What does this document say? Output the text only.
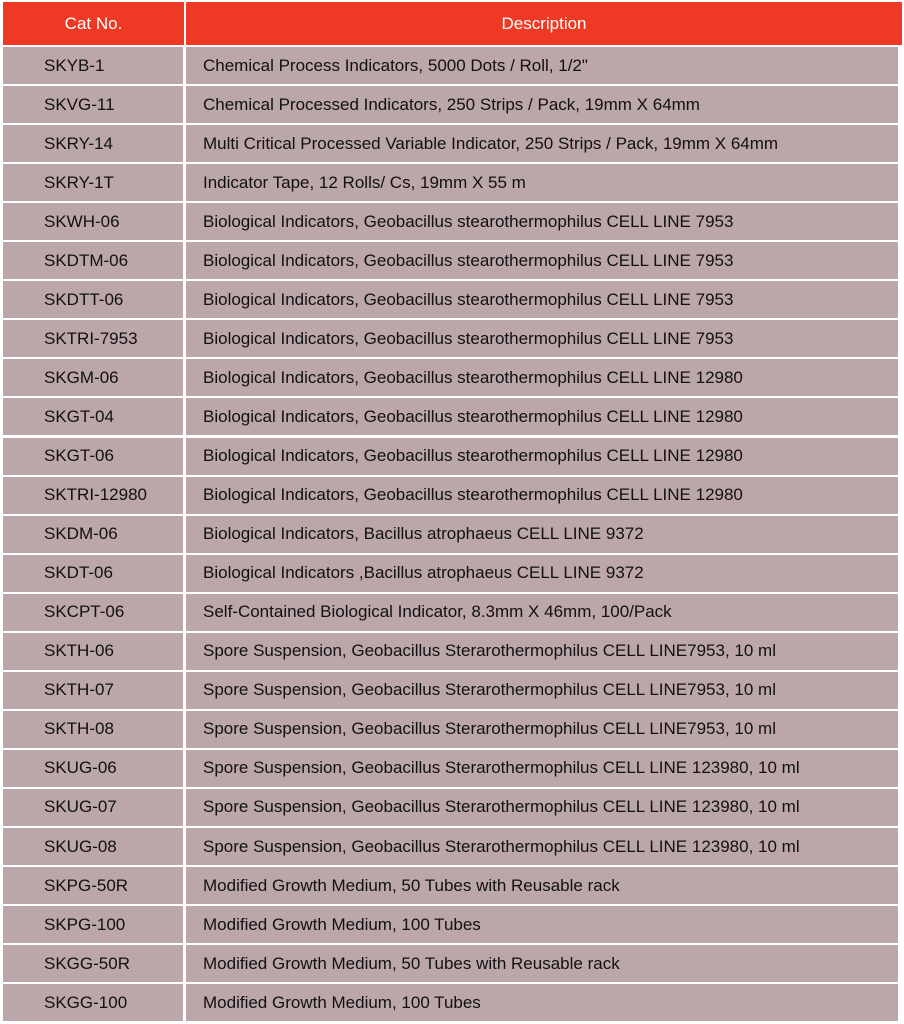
Cat No.	Description
SKYB-1	Chemical Process Indicators, 5000 Dots / Roll, 1/2"
SKVG-11	Chemical Processed Indicators, 250 Strips / Pack, 19mm X 64mm
SKRY-14	Multi Critical Processed Variable Indicator, 250 Strips / Pack, 19mm X 64mm
SKRY-1T	Indicator Tape, 12 Rolls/ Cs, 19mm X 55 m
SKWH-06	Biological Indicators, Geobacillus stearothermophilus CELL LINE 7953
SKDTM-06	Biological Indicators, Geobacillus stearothermophilus CELL LINE 7953
SKDTT-06	Biological Indicators, Geobacillus stearothermophilus CELL LINE 7953
SKTRI-7953	Biological Indicators, Geobacillus stearothermophilus CELL LINE 7953
SKGM-06	Biological Indicators, Geobacillus stearothermophilus CELL LINE 12980
SKGT-04	Biological Indicators, Geobacillus stearothermophilus CELL LINE 12980
SKGT-06	Biological Indicators, Geobacillus stearothermophilus CELL LINE 12980
SKTRI-12980	Biological Indicators, Geobacillus stearothermophilus CELL LINE 12980
SKDM-06	Biological Indicators, Bacillus atrophaeus CELL LINE 9372
SKDT-06	Biological Indicators ,Bacillus atrophaeus CELL LINE 9372
SKCPT-06	Self-Contained Biological Indicator, 8.3mm X 46mm, 100/Pack
SKTH-06	Spore Suspension, Geobacillus Sterarothermophilus CELL LINE7953, 10 ml
SKTH-07	Spore Suspension, Geobacillus Sterarothermophilus CELL LINE7953, 10 ml
SKTH-08	Spore Suspension, Geobacillus Sterarothermophilus CELL LINE7953, 10 ml
SKUG-06	Spore Suspension, Geobacillus Sterarothermophilus CELL LINE 123980, 10 ml
SKUG-07	Spore Suspension, Geobacillus Sterarothermophilus CELL LINE 123980, 10 ml
SKUG-08	Spore Suspension, Geobacillus Sterarothermophilus CELL LINE 123980, 10 ml
SKPG-50R	Modified Growth Medium, 50 Tubes with Reusable rack
SKPG-100	Modified Growth Medium, 100 Tubes
SKGG-50R	Modified Growth Medium, 50 Tubes with Reusable rack
SKGG-100	Modified Growth Medium, 100 Tubes
